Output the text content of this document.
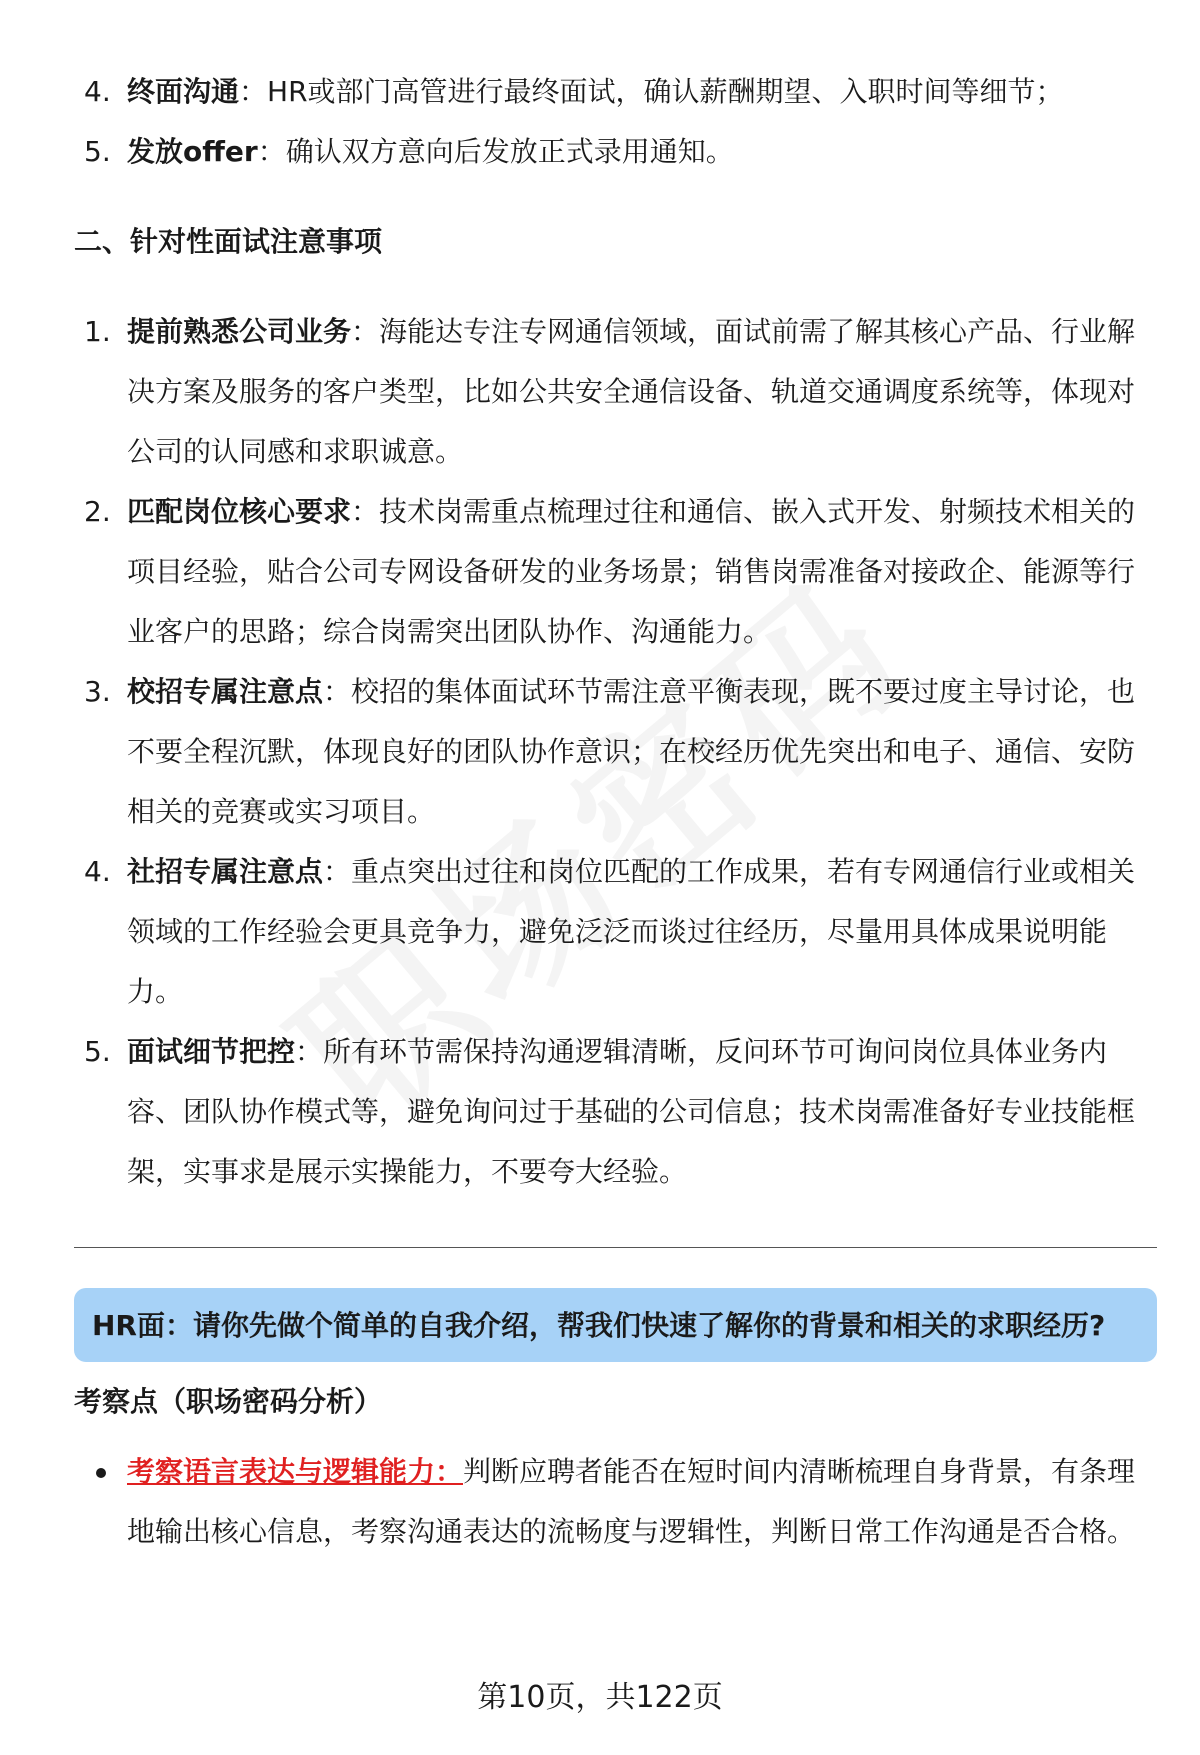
4. 终面沟通：HR或部门高管进行最终面试，确认薪酬期望、入职时间等细节；
5. 发放offer：确认双方意向后发放正式录用通知。
二、针对性面试注意事项
1. 提前熟悉公司业务：海能达专注专网通信领域，面试前需了解其核心产品、行业解决方案及服务的客户类型，比如公共安全通信设备、轨道交通调度系统等，体现对公司的认同感和求职诚意。
2. 匹配岗位核心要求：技术岗需重点梳理过往和通信、嵌入式开发、射频技术相关的项目经验，贴合公司专网设备研发的业务场景；销售岗需准备对接政企、能源等行业客户的思路；综合岗需突出团队协作、沟通能力。
3. 校招专属注意点：校招的集体面试环节需注意平衡表现，既不要过度主导讨论，也不要全程沉默，体现良好的团队协作意识；在校经历优先突出和电子、通信、安防相关的竞赛或实习项目。
4. 社招专属注意点：重点突出过往和岗位匹配的工作成果，若有专网通信行业或相关领域的工作经验会更具竞争力，避免泛泛而谈过往经历，尽量用具体成果说明能力。
5. 面试细节把控：所有环节需保持沟通逻辑清晰，反问环节可询问岗位具体业务内容、团队协作模式等，避免询问过于基础的公司信息；技术岗需准备好专业技能框架，实事求是展示实操能力，不要夸大经验。
HR面：请你先做个简单的自我介绍，帮我们快速了解你的背景和相关的求职经历?
考察点（职场密码分析）
考察语言表达与逻辑能力：判断应聘者能否在短时间内清晰梳理自身背景，有条理地输出核心信息，考察沟通表达的流畅度与逻辑性，判断日常工作沟通是否合格。
第10页，共122页
